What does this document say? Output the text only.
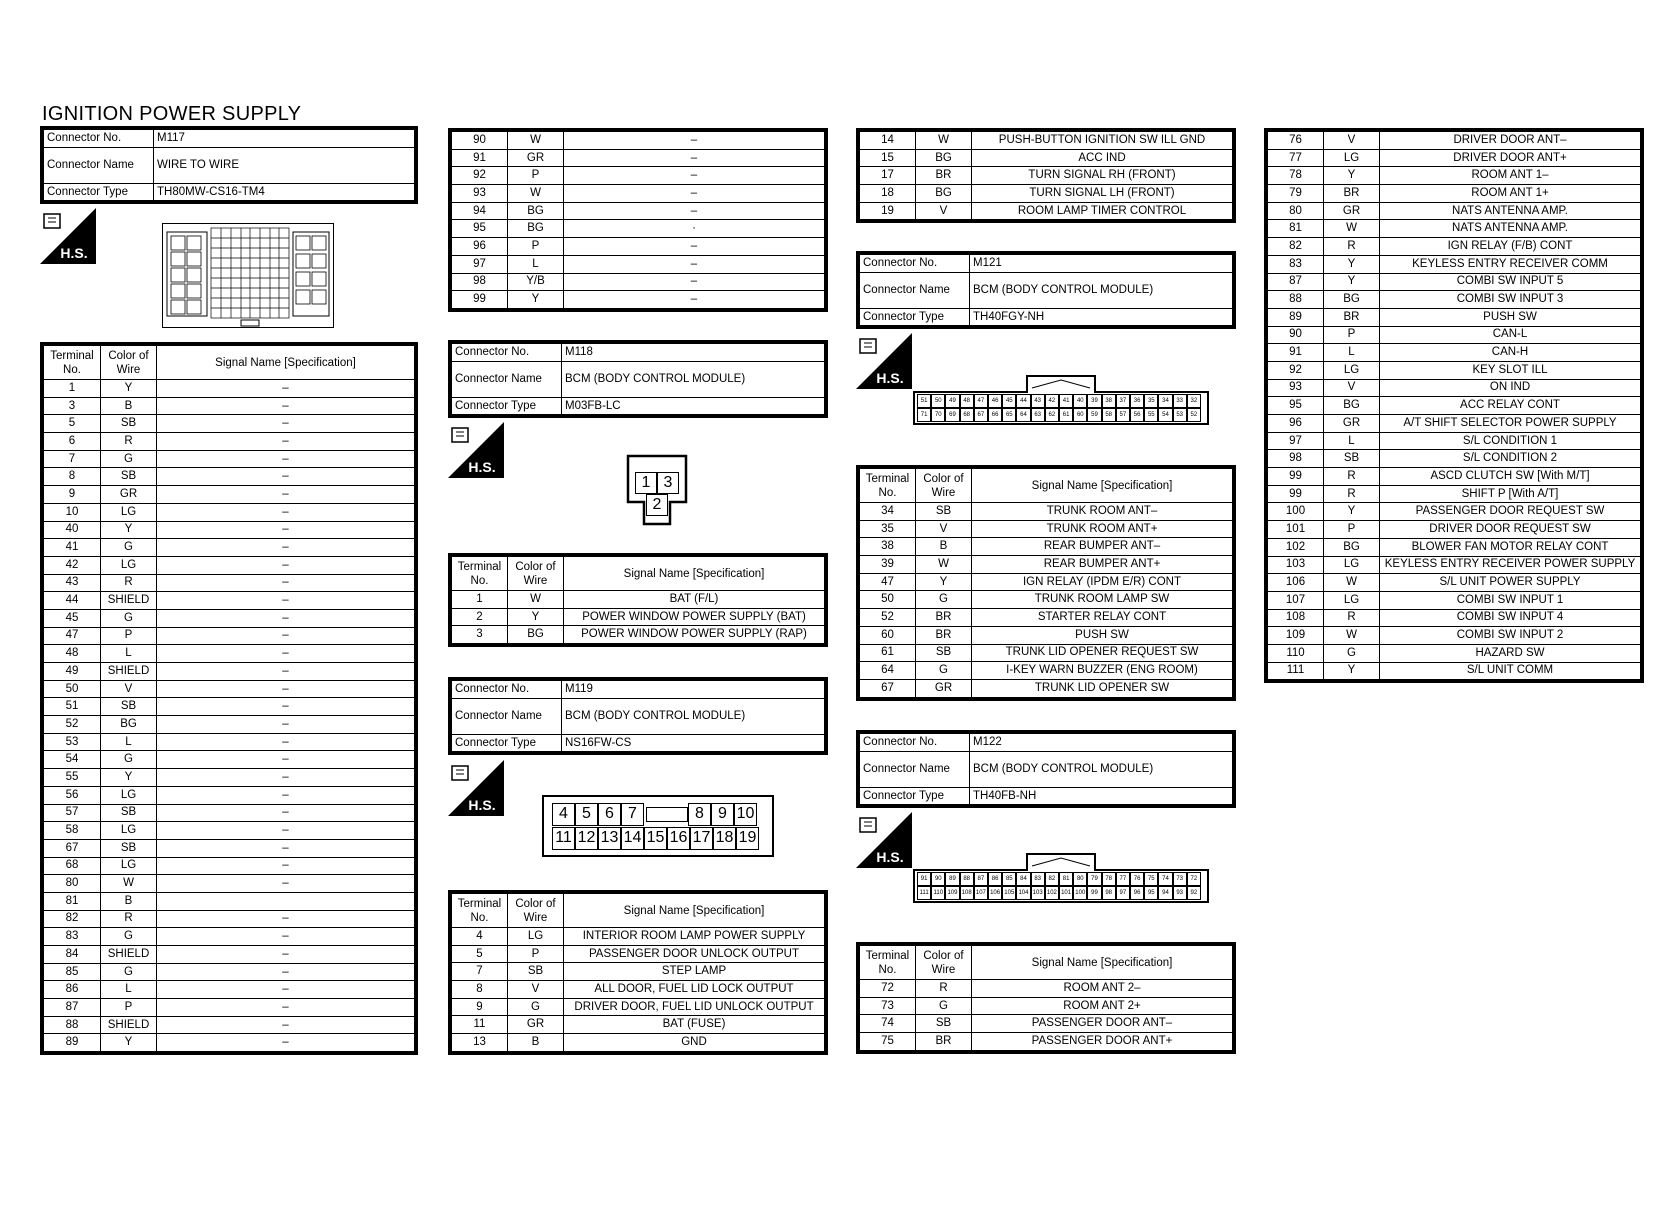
IGNITION POWER SUPPLY
Connector No.	M117
Connector Name	WIRE TO WIRE
Connector Type	TH80MW-CS16-TM4
H.S.
Terminal No.	Color of Wire	Signal Name [Specification]
1	Y	–
3	B	–
5	SB	–
6	R	–
7	G	–
8	SB	–
9	GR	–
10	LG	–
40	Y	–
41	G	–
42	LG	–
43	R	–
44	SHIELD	–
45	G	–
47	P	–
48	L	–
49	SHIELD	–
50	V	–
51	SB	–
52	BG	–
53	L	–
54	G	–
55	Y	–
56	LG	–
57	SB	–
58	LG	–
67	SB	–
68	LG	–
80	W	–
81	B	
82	R	–
83	G	–
84	SHIELD	–
85	G	–
86	L	–
87	P	–
88	SHIELD	–
89	Y	–
90	W	–
91	GR	–
92	P	–
93	W	–
94	BG	–
95	BG	·
96	P	–
97	L	–
98	Y/B	–
99	Y	–
Connector No.	M118
Connector Name	BCM (BODY CONTROL MODULE)
Connector Type	M03FB-LC
H.S.
1 3
2
Terminal No.	Color of Wire	Signal Name [Specification]
1	W	BAT (F/L)
2	Y	POWER WINDOW POWER SUPPLY (BAT)
3	BG	POWER WINDOW POWER SUPPLY (RAP)
Connector No.	M119
Connector Name	BCM (BODY CONTROL MODULE)
Connector Type	NS16FW-CS
H.S.	4 5 6 7	8 9 10
11 12 13 14 15 16 17 18 19
Terminal No.	Color of Wire	Signal Name [Specification]
4	LG	INTERIOR ROOM LAMP POWER SUPPLY
5	P	PASSENGER DOOR UNLOCK OUTPUT
7	SB	STEP LAMP
8	V	ALL DOOR, FUEL LID LOCK OUTPUT
9	G	DRIVER DOOR, FUEL LID UNLOCK OUTPUT
11	GR	BAT (FUSE)
13	B	GND
14	W	PUSH-BUTTON IGNITION SW ILL GND
15	BG	ACC IND
17	BR	TURN SIGNAL RH (FRONT)
18	BG	TURN SIGNAL LH (FRONT)
19	V	ROOM LAMP TIMER CONTROL
Connector No.	M121
Connector Name	BCM (BODY CONTROL MODULE)
Connector Type	TH40FGY-NH
H.S.
51	50	49	48	47	46	45	44	43	42	41	40	39	38	37	36	35	34	33	32
71	70	69	68	67	66	65	64	63	62	61	60	59	58	57	56	55	54	53	52
Terminal No.	Color of Wire	Signal Name [Specification]
34	SB	TRUNK ROOM ANT–
35	V	TRUNK ROOM ANT+
38	B	REAR BUMPER ANT–
39	W	REAR BUMPER ANT+
47	Y	IGN RELAY (IPDM E/R) CONT
50	G	TRUNK ROOM LAMP SW
52	BR	STARTER RELAY CONT
60	BR	PUSH SW
61	SB	TRUNK LID OPENER REQUEST SW
64	G	I-KEY WARN BUZZER (ENG ROOM)
67	GR	TRUNK LID OPENER SW
Connector No.	M122
Connector Name	BCM (BODY CONTROL MODULE)
Connector Type	TH40FB-NH
H.S.
91	90	89	88	87	86	85	84	83	82	81	80	79	78	77	76	75	74	73	72
111 110 109 108 107 106 105 104 103 102 101 100 99	98	97	96	95	94	93	92
Terminal No.	Color of Wire	Signal Name [Specification]
72	R	ROOM ANT 2–
73	G	ROOM ANT 2+
74	SB	PASSENGER DOOR ANT–
75	BR	PASSENGER DOOR ANT+
76	V	DRIVER DOOR ANT–
77	LG	DRIVER DOOR ANT+
78	Y	ROOM ANT 1–
79	BR	ROOM ANT 1+
80	GR	NATS ANTENNA AMP.
81	W	NATS ANTENNA AMP.
82	R	IGN RELAY (F/B) CONT
83	Y	KEYLESS ENTRY RECEIVER COMM
87	Y	COMBI SW INPUT 5
88	BG	COMBI SW INPUT 3
89	BR	PUSH SW
90	P	CAN-L
91	L	CAN-H
92	LG	KEY SLOT ILL
93	V	ON IND
95	BG	ACC RELAY CONT
96	GR	A/T SHIFT SELECTOR POWER SUPPLY
97	L	S/L CONDITION 1
98	SB	S/L CONDITION 2
99	R	ASCD CLUTCH SW [With M/T]
99	R	SHIFT P [With A/T]
100	Y	PASSENGER DOOR REQUEST SW
101	P	DRIVER DOOR REQUEST SW
102	BG	BLOWER FAN MOTOR RELAY CONT
103	LG	KEYLESS ENTRY RECEIVER POWER SUPPLY
106	W	S/L UNIT POWER SUPPLY
107	LG	COMBI SW INPUT 1
108	R	COMBI SW INPUT 4
109	W	COMBI SW INPUT 2
110	G	HAZARD SW
111	Y	S/L UNIT COMM
